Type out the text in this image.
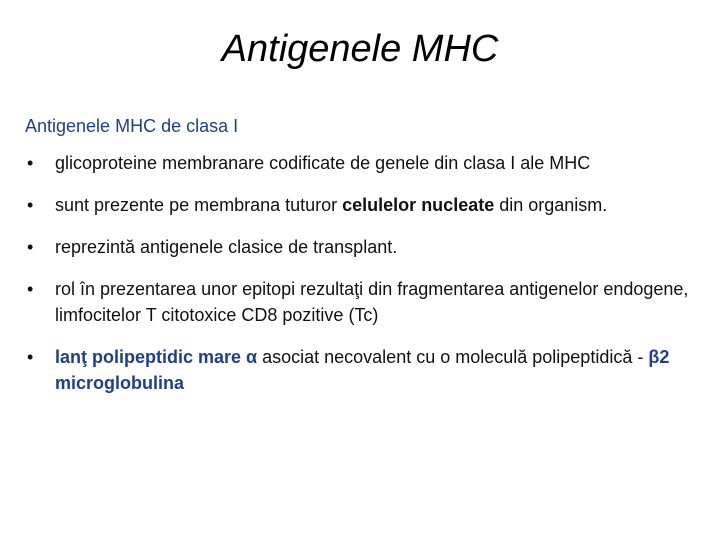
Antigenele MHC
Antigenele MHC de clasa I
• glicoproteine membranare codificate de genele din clasa I ale MHC
• sunt prezente pe membrana tuturor celulelor nucleate din organism.
• reprezintă antigenele clasice de transplant.
• rol în prezentarea unor epitopi rezultaţi din fragmentarea antigenelor endogene, limfocitelor T citotoxice CD8 pozitive (Tc)
• lanţ polipeptidic mare α asociat necovalent cu o moleculă polipeptidică - β2 microglobulina
